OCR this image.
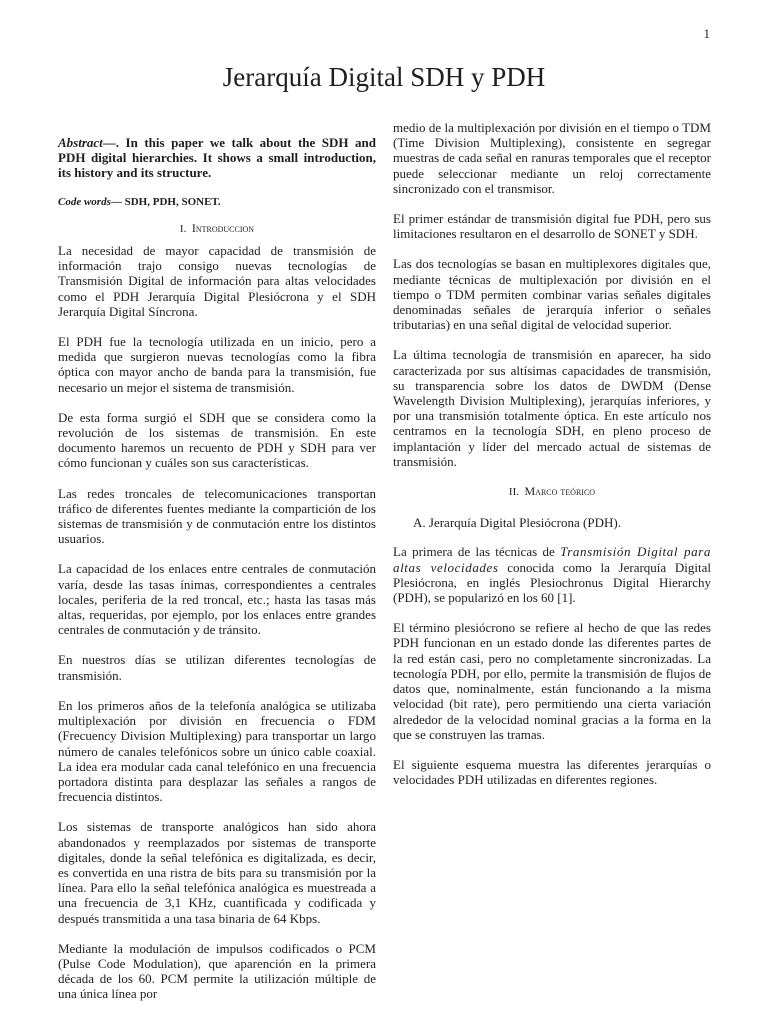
1
Jerarquía Digital SDH y PDH

Abstract—. In this paper we talk about the SDH and PDH digital hierarchies. It shows a small introduction, its history and its structure.

Code words— SDH, PDH, SONET.

I. Introduccion

La necesidad de mayor capacidad de transmisión de información trajo consigo nuevas tecnologías de Transmisión Digital de información para altas velocidades como el PDH Jerarquía Digital Plesiócrona y el SDH Jerarquía Digital Síncrona.

El PDH fue la tecnología utilizada en un inicio, pero a medida que surgieron nuevas tecnologías como la fibra óptica con mayor ancho de banda para la transmisión, fue necesario un mejor el sistema de transmisión.

De esta forma surgió el SDH que se considera como la revolución de los sistemas de transmisión. En este documento haremos un recuento de PDH y SDH para ver cómo funcionan y cuáles son sus características.

Las redes troncales de telecomunicaciones transportan tráfico de diferentes fuentes mediante la compartición de los sistemas de transmisión y de conmutación entre los distintos usuarios.

La capacidad de los enlaces entre centrales de conmutación varía, desde las tasas ínimas, correspondientes a centrales locales, periferia de la red troncal, etc.; hasta las tasas más altas, requeridas, por ejemplo, por los enlaces entre grandes centrales de conmutación y de tránsito.

En nuestros días se utilizan diferentes tecnologías de transmisión.

En los primeros años de la telefonía analógica se utilizaba multiplexación por división en frecuencia o FDM (Frecuency Division Multiplexing) para transportar un largo número de canales telefónicos sobre un único cable coaxial. La idea era modular cada canal telefónico en una frecuencia portadora distinta para desplazar las señales a rangos de frecuencia distintos.

Los sistemas de transporte analógicos han sido ahora abandonados y reemplazados por sistemas de transporte digitales, donde la señal telefónica es digitalizada, es decir, es convertida en una ristra de bits para su transmisión por la línea. Para ello la señal telefónica analógica es muestreada a una frecuencia de 3,1 KHz, cuantificada y codificada y después transmitida a una tasa binaria de 64 Kbps.

Mediante la modulación de impulsos codificados o PCM (Pulse Code Modulation), que aparención en la primera década de los 60. PCM permite la utilización múltiple de una única línea por

medio de la multiplexación por división en el tiempo o TDM (Time Division Multiplexing), consistente en segregar muestras de cada señal en ranuras temporales que el receptor puede seleccionar mediante un reloj correctamente sincronizado con el transmisor.

El primer estándar de transmisión digital fue PDH, pero sus limitaciones resultaron en el desarrollo de SONET y SDH.

Las dos tecnologías se basan en multiplexores digitales que, mediante técnicas de multiplexación por división en el tiempo o TDM permiten combinar varias señales digitales denominadas señales de jerarquía inferior o señales tributarias) en una señal digital de velocidad superior.

La última tecnología de transmisión en aparecer, ha sido caracterizada por sus altísimas capacidades de transmisión, su transparencia sobre los datos de DWDM (Dense Wavelength Division Multiplexing), jerarquías inferiores, y por una transmisión totalmente óptica. En este artículo nos centramos en la tecnología SDH, en pleno proceso de implantación y líder del mercado actual de sistemas de transmisión.

II. Marco teórico

A. Jerarquía Digital Plesiócrona (PDH).

La primera de las técnicas de Transmisión Digital para altas velocidades conocida como la Jerarquía Digital Plesiócrona, en inglés Plesiochronus Digital Hierarchy (PDH), se popularizó en los 60 [1].

El término plesiócrono se refiere al hecho de que las redes PDH funcionan en un estado donde las diferentes partes de la red están casi, pero no completamente sincronizadas. La tecnología PDH, por ello, permite la transmisión de flujos de datos que, nominalmente, están funcionando a la misma velocidad (bit rate), pero permitiendo una cierta variación alrededor de la velocidad nominal gracias a la forma en la que se construyen las tramas.

El siguiente esquema muestra las diferentes jerarquías o velocidades PDH utilizadas en diferentes regiones.
